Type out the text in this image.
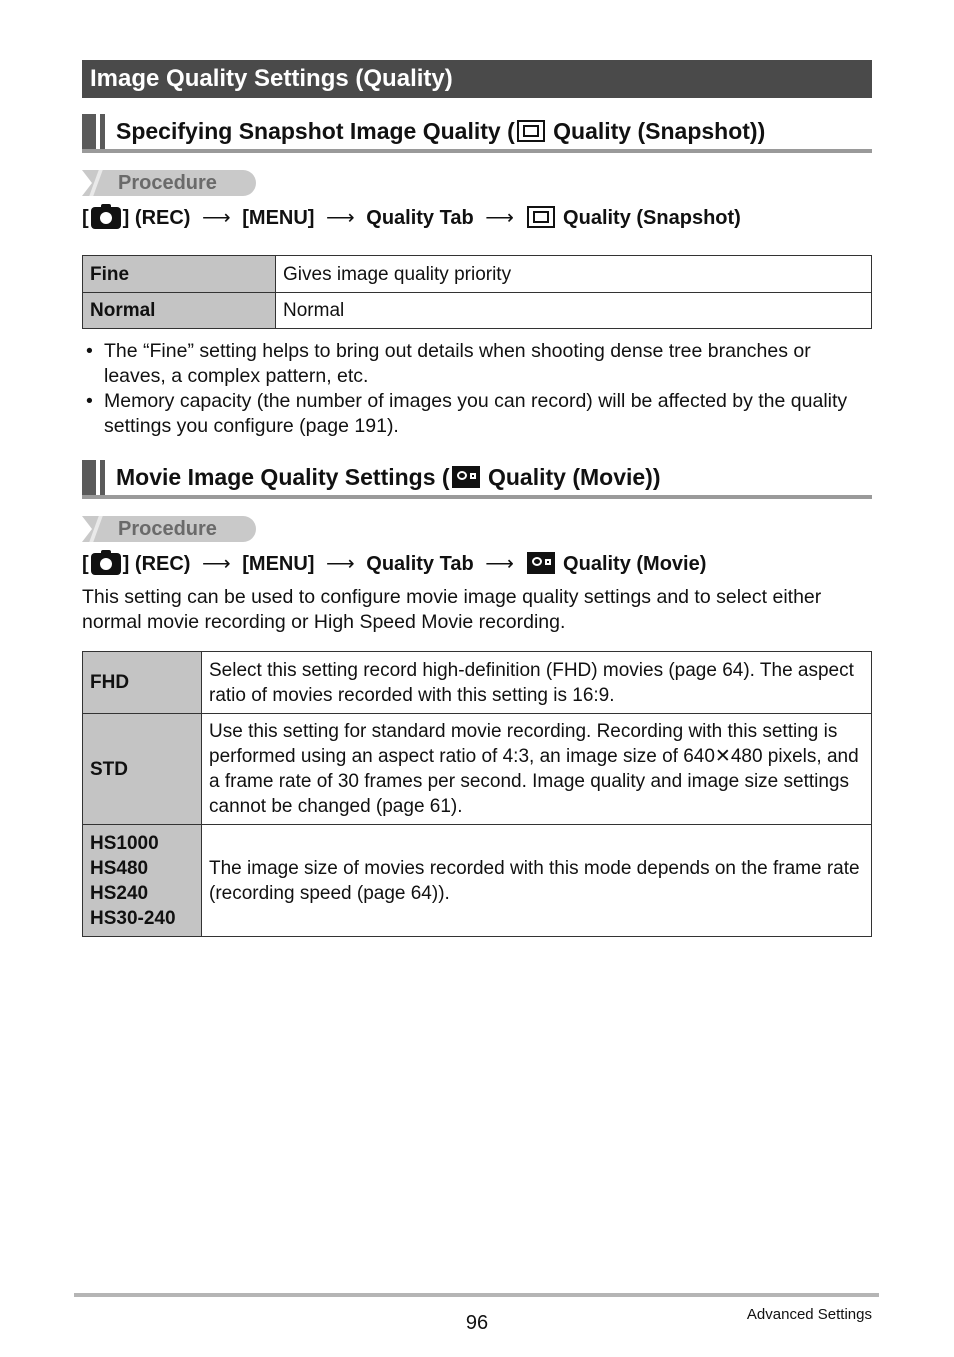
Image Quality Settings (Quality)
Specifying Snapshot Image Quality ( Quality (Snapshot))
Procedure
[ ] (REC) ⟶ [MENU] ⟶ Quality Tab ⟶ Quality (Snapshot)
Fine	Gives image quality priority
Normal	Normal
• The “Fine” setting helps to bring out details when shooting dense tree branches or leaves, a complex pattern, etc.
• Memory capacity (the number of images you can record) will be affected by the quality settings you configure (page 191).
Movie Image Quality Settings ( Quality (Movie))
Procedure
[ ] (REC) ⟶ [MENU] ⟶ Quality Tab ⟶ Quality (Movie)
This setting can be used to configure movie image quality settings and to select either normal movie recording or High Speed Movie recording.
FHD	Select this setting record high-definition (FHD) movies (page 64). The aspect ratio of movies recorded with this setting is 16:9.
STD	Use this setting for standard movie recording. Recording with this setting is performed using an aspect ratio of 4:3, an image size of 640✕480 pixels, and a frame rate of 30 frames per second. Image quality and image size settings cannot be changed (page 61).

HS1000
HS480
HS240
HS30-240	The image size of movies recorded with this mode depends on the frame rate (recording speed (page 64)).
96	Advanced Settings
